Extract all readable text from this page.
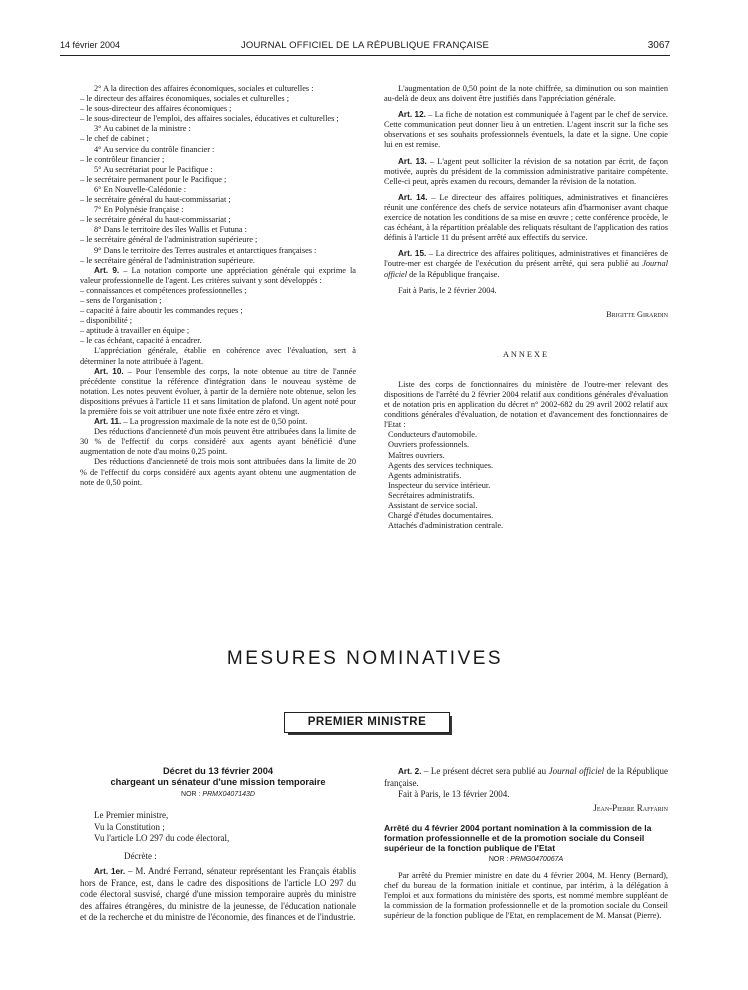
14 février 2004	JOURNAL OFFICIEL DE LA RÉPUBLIQUE FRANÇAISE	3067

2° A la direction des affaires économiques, sociales et culturelles :

– le directeur des affaires économiques, sociales et culturelles ;

– le sous-directeur des affaires économiques ;

– le sous-directeur de l'emploi, des affaires sociales, éducatives et culturelles ;

3° Au cabinet de la ministre :

– le chef de cabinet ;

4° Au service du contrôle financier :

– le contrôleur financier ;

5° Au secrétariat pour le Pacifique :

– le secrétaire permanent pour le Pacifique ;

6° En Nouvelle-Calédonie :

– le secrétaire général du haut-commissariat ;

7° En Polynésie française :

– le secrétaire général du haut-commissariat ;

8° Dans le territoire des îles Wallis et Futuna :

– le secrétaire général de l'administration supérieure ;

9° Dans le territoire des Terres australes et antarctiques françaises :

– le secrétaire général de l'administration supérieure.

Art. 9. – La notation comporte une appréciation générale qui exprime la valeur professionnelle de l'agent. Les critères suivant y sont développés :

– connaissances et compétences professionnelles ;

– sens de l'organisation ;

– capacité à faire aboutir les commandes reçues ;

– disponibilité ;

– aptitude à travailler en équipe ;

– le cas échéant, capacité à encadrer.

L'appréciation générale, établie en cohérence avec l'évaluation, sert à déterminer la note attribuée à l'agent.

Art. 10. – Pour l'ensemble des corps, la note obtenue au titre de l'année précédente constitue la référence d'intégration dans le nouveau système de notation. Les notes peuvent évoluer, à partir de la dernière note obtenue, selon les dispositions prévues à l'article 11 et sans limitation de plafond. Un agent noté pour la première fois se voit attribuer une note fixée entre zéro et vingt.

Art. 11. – La progression maximale de la note est de 0,50 point.

Des réductions d'ancienneté d'un mois peuvent être attribuées dans la limite de 30 % de l'effectif du corps considéré aux agents ayant bénéficié d'une augmentation de note d'au moins 0,25 point.

Des réductions d'ancienneté de trois mois sont attribuées dans la limite de 20 % de l'effectif du corps considéré aux agents ayant obtenu une augmentation de note de 0,50 point.

L'augmentation de 0,50 point de la note chiffrée, sa diminution ou son maintien au-delà de deux ans doivent être justifiés dans l'appréciation générale.

Art. 12. – La fiche de notation est communiquée à l'agent par le chef de service. Cette communication peut donner lieu à un entretien. L'agent inscrit sur la fiche ses observations et ses souhaits professionnels éventuels, la date et la signe. Une copie lui en est remise.

Art. 13. – L'agent peut solliciter la révision de sa notation par écrit, de façon motivée, auprès du président de la commission administrative paritaire compétente. Celle-ci peut, après examen du recours, demander la révision de la notation.

Art. 14. – Le directeur des affaires politiques, administratives et financières réunit une conférence des chefs de service notateurs afin d'harmoniser avant chaque exercice de notation les conditions de sa mise en œuvre ; cette conférence procède, le cas échéant, à la répartition préalable des reliquats résultant de l'application des ratios définis à l'article 11 du présent arrêté aux effectifs du service.

Art. 15. – La directrice des affaires politiques, administratives et financières de l'outre-mer est chargée de l'exécution du présent arrêté, qui sera publié au Journal officiel de la République française.

Fait à Paris, le 2 février 2004.

Brigitte Girardin

ANNEXE

Liste des corps de fonctionnaires du ministère de l'outre-mer relevant des dispositions de l'arrêté du 2 février 2004 relatif aux conditions générales d'évaluation et de notation pris en application du décret n° 2002-682 du 29 avril 2002 relatif aux conditions générales d'évaluation, de notation et d'avancement des fonctionnaires de l'Etat :

Conducteurs d'automobile.

Ouvriers professionnels.

Maîtres ouvriers.

Agents des services techniques.

Agents administratifs.

Inspecteur du service intérieur.

Secrétaires administratifs.

Assistant de service social.

Chargé d'études documentaires.

Attachés d'administration centrale.

MESURES NOMINATIVES
PREMIER MINISTRE

Décret du 13 février 2004

chargeant un sénateur d'une mission temporaire

NOR : PRMX0407143D

Le Premier ministre,

Vu la Constitution ;

Vu l'article LO 297 du code électoral,

Décrète :

Art. 1er. – M. André Ferrand, sénateur représentant les Français établis hors de France, est, dans le cadre des dispositions de l'article LO 297 du code électoral susvisé, chargé d'une mission temporaire auprès du ministre des affaires étrangères, du ministre de la jeunesse, de l'éducation nationale et de la recherche et du ministre de l'économie, des finances et de l'industrie.

Art. 2. – Le présent décret sera publié au Journal officiel de la République française.

Fait à Paris, le 13 février 2004.

Jean-Pierre Raffarin

Arrêté du 4 février 2004 portant nomination à la commission de la formation professionnelle et de la promotion sociale du Conseil supérieur de la fonction publique de l'Etat

NOR : PRMG0470067A

Par arrêté du Premier ministre en date du 4 février 2004, M. Henry (Bernard), chef du bureau de la formation initiale et continue, par intérim, à la délégation à l'emploi et aux formations du ministère des sports, est nommé membre suppléant de la commission de la formation professionnelle et de la promotion sociale du Conseil supérieur de la fonction publique de l'Etat, en remplacement de M. Mansat (Pierre).
